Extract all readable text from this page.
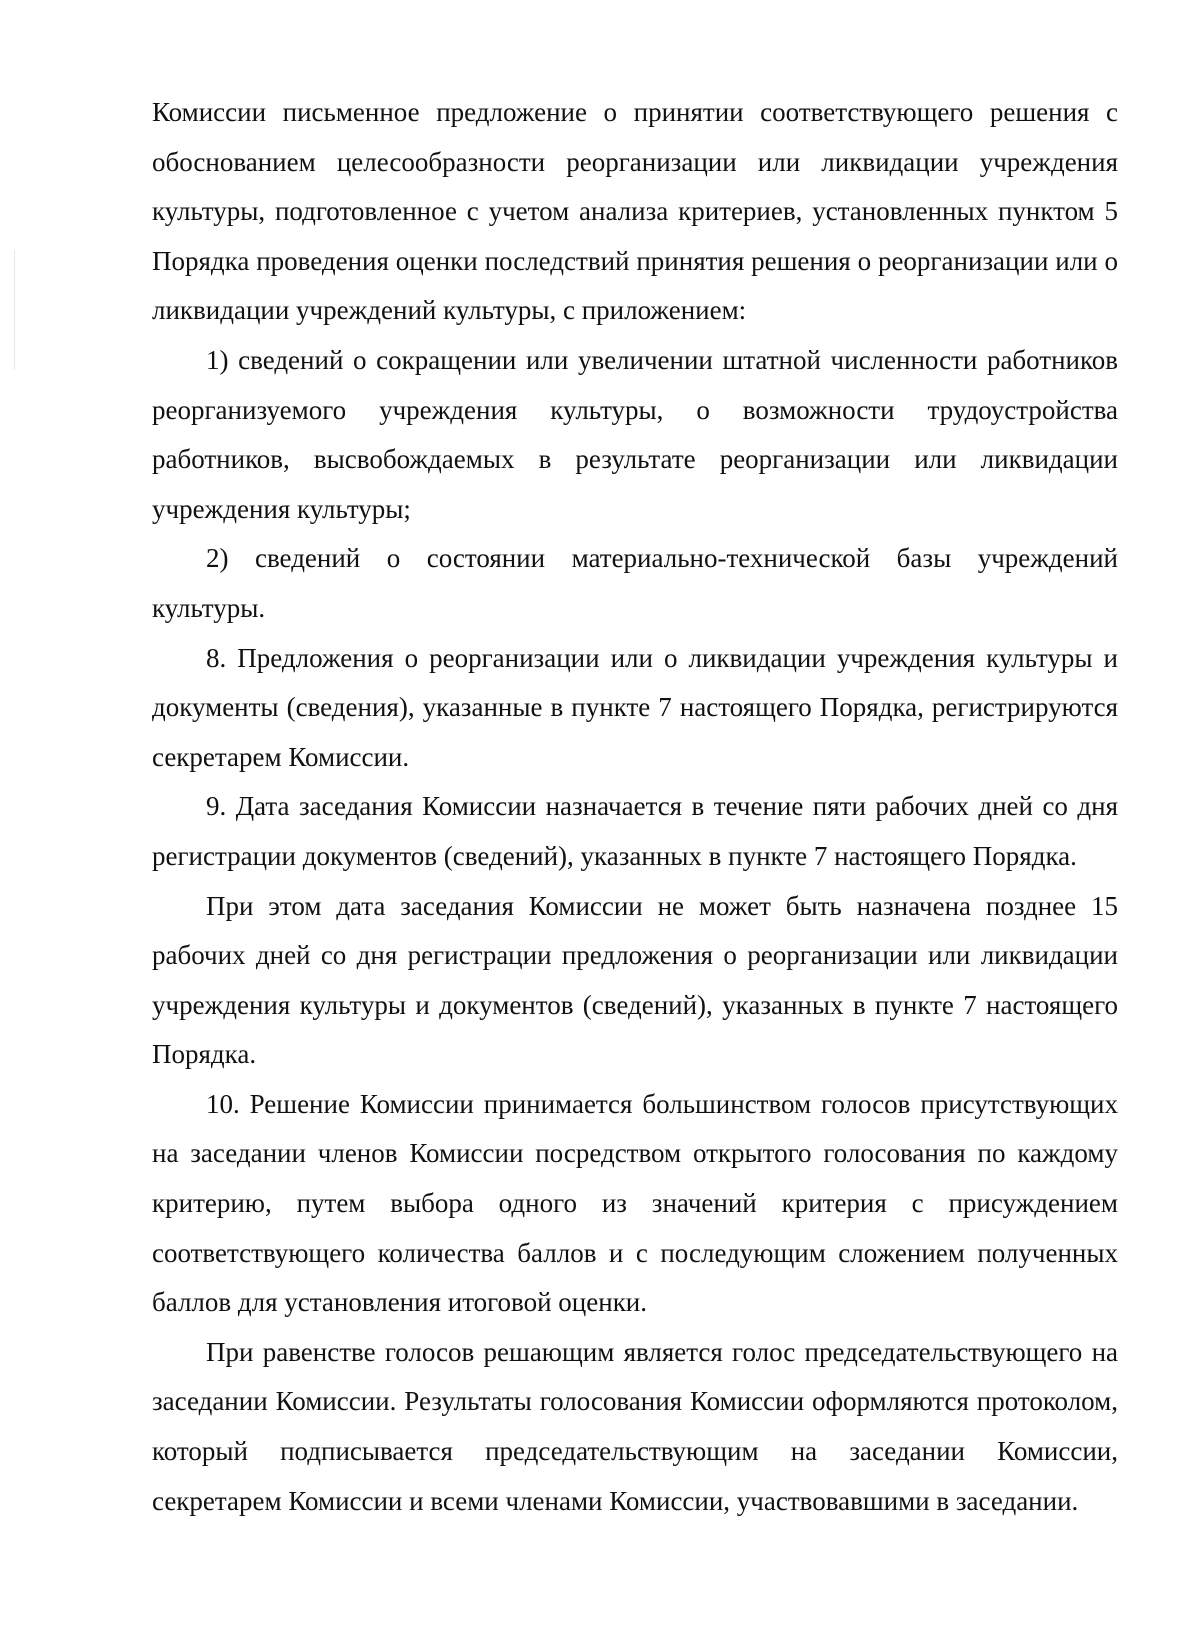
Комиссии письменное предложение о принятии соответствующего решения с обоснованием целесообразности реорганизации или ликвидации учреждения культуры, подготовленное с учетом анализа критериев, установленных пунктом 5 Порядка проведения оценки последствий принятия решения о реорганизации или о ликвидации учреждений культуры, с приложением:

1) сведений о сокращении или увеличении штатной численности работников реорганизуемого учреждения культуры, о возможности трудоустройства работников, высвобождаемых в результате реорганизации или ликвидации учреждения культуры;

2) сведений о состоянии материально-технической базы учреждений культуры.

8. Предложения о реорганизации или о ликвидации учреждения культуры и документы (сведения), указанные в пункте 7 настоящего Порядка, регистрируются секретарем Комиссии.

9. Дата заседания Комиссии назначается в течение пяти рабочих дней со дня регистрации документов (сведений), указанных в пункте 7 настоящего Порядка.

При этом дата заседания Комиссии не может быть назначена позднее 15 рабочих дней со дня регистрации предложения о реорганизации или ликвидации учреждения культуры и документов (сведений), указанных в пункте 7 настоящего Порядка.

10. Решение Комиссии принимается большинством голосов присутствующих на заседании членов Комиссии посредством открытого голосования по каждому критерию, путем выбора одного из значений критерия с присуждением соответствующего количества баллов и с последующим сложением полученных баллов для установления итоговой оценки.

При равенстве голосов решающим является голос председательствующего на заседании Комиссии. Результаты голосования Комиссии оформляются протоколом, который подписывается председательствующим на заседании Комиссии, секретарем Комиссии и всеми членами Комиссии, участвовавшими в заседании.
